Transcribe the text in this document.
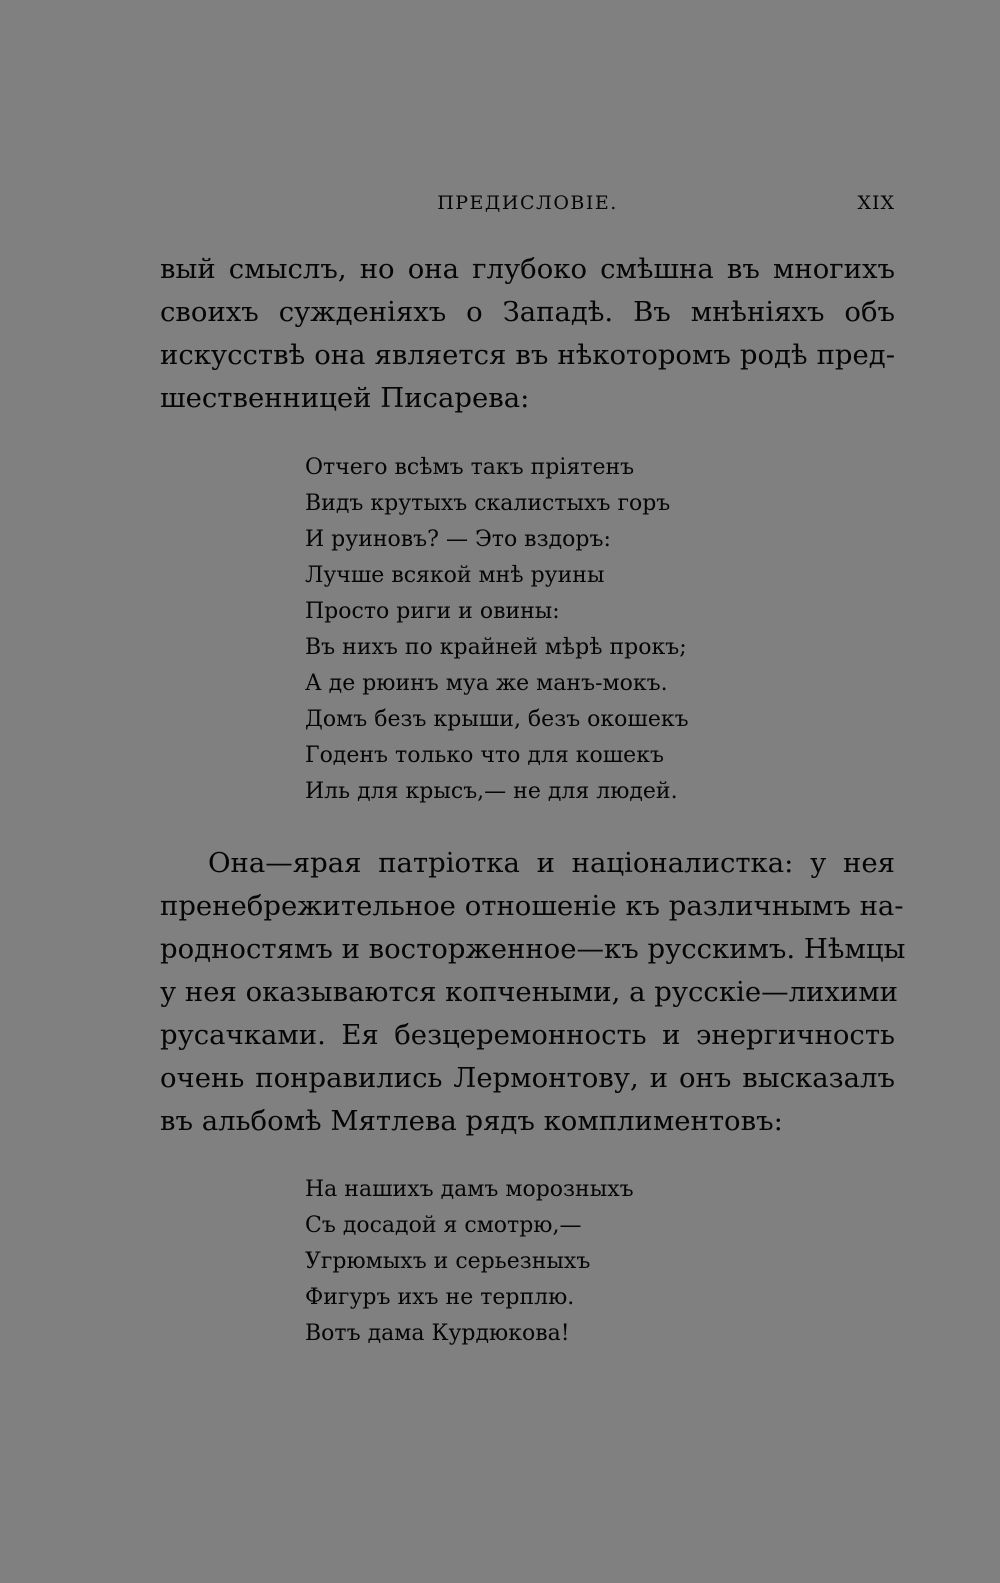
ПРЕДИСЛОВІЕ.	XIX

вый смыслъ, но она глубоко смѣшна въ многихъ
своихъ сужденіяхъ о Западѣ. Въ мнѣніяхъ объ
искусствѣ она является въ нѣкоторомъ родѣ пред-
шественницей Писарева:

Отчего всѣмъ такъ пріятенъ
Видъ крутыхъ скалистыхъ горъ
И руиновъ? — Это вздоръ:
Лучше всякой мнѣ руины
Просто риги и овины:
Въ нихъ по крайней мѣрѣ прокъ;
А де рюинъ муа же манъ-мокъ.
Домъ безъ крыши, безъ окошекъ
Годенъ только что для кошекъ
Иль для крысъ,— не для людей.

Она—ярая патріотка и націоналистка: у нея
пренебрежительное отношеніе къ различнымъ на-
родностямъ и восторженное—къ русскимъ. Нѣмцы
у нея оказываются копчеными, а русскіе—лихими
русачками. Ея безцеремонность и энергичность
очень понравились Лермонтову, и онъ высказалъ
въ альбомѣ Мятлева рядъ комплиментовъ:

На нашихъ дамъ морозныхъ
Съ досадой я смотрю,—
Угрюмыхъ и серьезныхъ
Фигуръ ихъ не терплю.
Вотъ дама Курдюкова!
